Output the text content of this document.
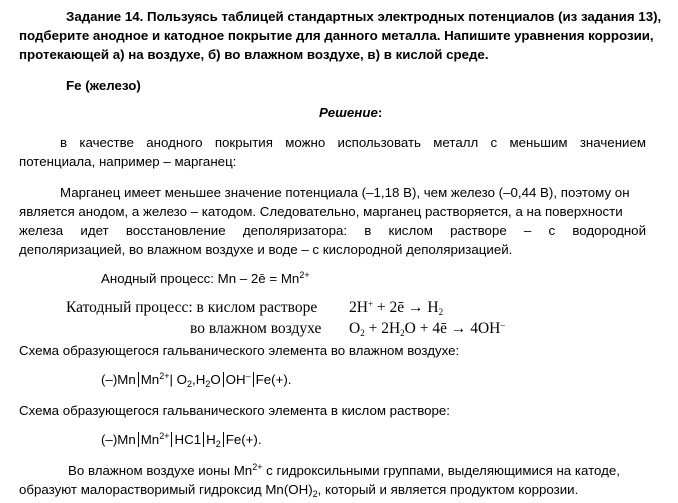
Задание 14. Пользуясь таблицей стандартных электродных потенциалов (из задания 13),
подберите анодное и катодное покрытие для данного металла. Напишите уравнения коррозии,
протекающей а) на воздухе, б) во влажном воздухе, в) в кислой среде.
Fe (железо)
Решение:
в качестве анодного покрытия можно использовать металл с меньшим значением
потенциала, например – марганец:
Марганец имеет меньшее значение потенциала (–1,18 В), чем железо (–0,44 В), поэтому он
является анодом, а железо – катодом. Следовательно, марганец растворяется, а на поверхности
железа идет восстановление деполяризатора: в кислом растворе – с водородной
деполяризацией, во влажном воздухе и воде – с кислородной деполяризацией.
Анодный процесс: Mn – 2ē = $Mn^{2+}$
Катодный процесс: в кислом растворе 2H+ + 2ē → $H_2$
во влажном воздухе $O_2 + 2H_2O$ + 4ē → 4OH–
Схема образующегося гальванического элемента во влажном воздухе:
(–)Mn $Mn^{2+}|$ $O_2,H_2O$ OH– Fe(+).
Схема образующегося гальванического элемента в кислом растворе:
(–)Mn $Mn^{2+}$ HC1 $H_2$ Fe(+).
Во влажном воздухе ионы $Mn^{2+}$ с гидроксильными группами, выделяющимися на катоде,
образуют малорастворимый гидроксид $Mn(OH)_2$, который и является продуктом коррозии.
